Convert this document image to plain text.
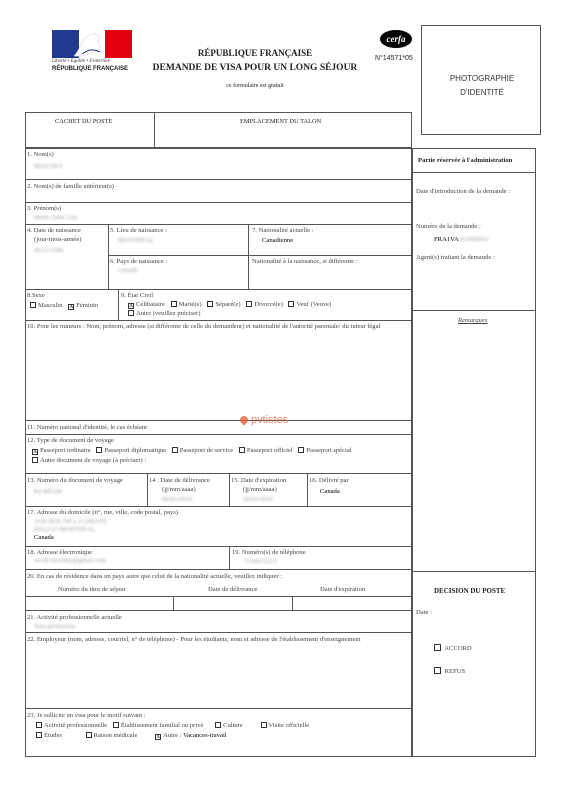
Liberté • Égalité • Fraternité
RÉPUBLIQUE FRANÇAISE
RÉPUBLIQUE FRANÇAISE
DEMANDE DE VISA POUR UN LONG SÉJOUR
ce formulaire est gratuit
cerfa
N°14571*05
PHOTOGRAPHIE D'IDENTITÉ
CACHET DU POSTE	EMPLACEMENT DU TALON
1. Nom(s)
BESCHEY
2. Nom(s) de famille antérieur(s)
3. Prénom(s)
Marie Anne Lise
4. Date de naissance
(jour-mois-année)
06/12/1996
5. Lieu de naissance :
MONTRÉAL
6. Pays de naissance :
Canada
7. Nationalité actuelle :
Canadienne
Nationalité à la naissance, si différente :
8.Sexe
Masculin X Féminin
9. État Civil
XCélibataire Marié(e) Séparé(e) Divorcé(e) Veuf (Veuve)
Autre (veuillez préciser)
10. Pour les mineurs : Nom, prénom, adresse (si différente de celle du demandeur) et nationalité de l'autorité parentale/ du tuteur légal
pvtistes
11. Numéro national d'identité, le cas échéant
12. Type de document de voyage
XPasseport ordinaire Passeport diplomatique Passeport de service Passeport officiel Passeport spécial
Autre document de voyage (à préciser) :
13. Numéro du document de voyage
KL485226
14 . Date de délivrance
(jj/mm/aaaa)
06/02/2019
15. Date d'expiration
(jj/mm/aaaa)
06/02/2029
16. Délivré par
Canada
17. Adresse du domicile (n°, rue, ville, code postal, pays)
3136 RUE DE LA GIRAFE
H3G2A3 MONTRÉAL
Canada
18. Adresse électronique
nicole.beschey@gmail.com
19. Numéro(s) de téléphone
5144331221
20. En cas de résidence dans un pays autre que celui de la nationalité actuelle, veuillez indiquer :
Numéro du titre de séjour	Date de délivrance	Date d'expiration
21. Activité professionnelle actuelle
Sans profession
22. Employeur (nom, adresse, courriel, n° de téléphone) - Pour les étudiants, nom et adresse de l'établissement d'enseignement
23. Je sollicite un visa pour le motif suivant :
Activité professionnelle Établissement familial ou privé	Culture	Visite officielle
Études	Raison médicale X	Autre : Vacances-travail
Partie réservée à l'administration
Date d'introduction de la demande :
Numéro de la demande :
FRA1VA2019000001
Agent(s) traitant la demande :
Remarques
DECISION DU POSTE
Date :
ACCORD
REFUS
